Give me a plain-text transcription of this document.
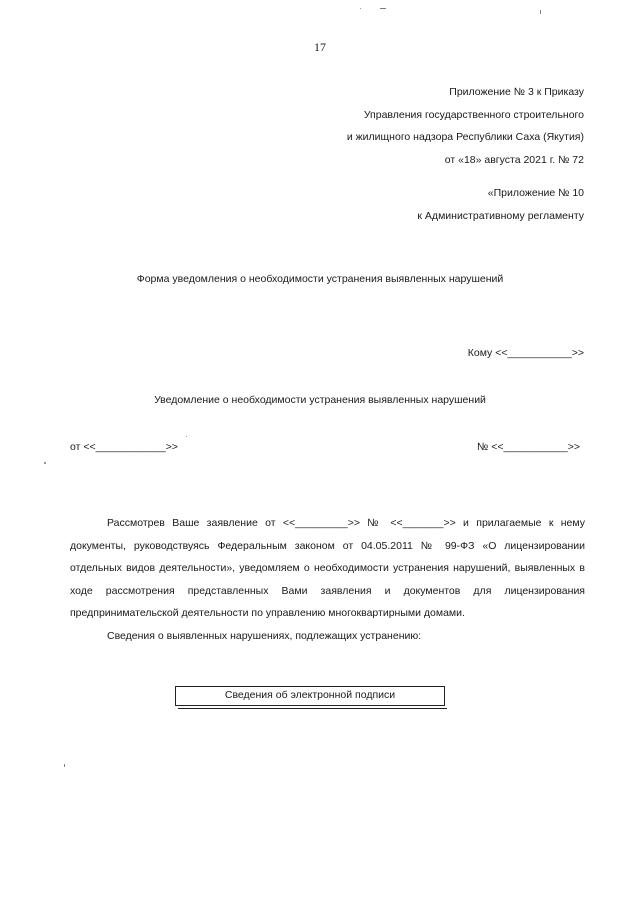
17
Приложение № 3 к Приказу
Управления государственного строительного
и жилищного надзора Республики Саха (Якутия)
от «18» августа 2021 г. № 72
«Приложение № 10
к Административному регламенту
Форма уведомления о необходимости устранения выявленных нарушений
Кому <<___________>>
Уведомление о необходимости устранения выявленных нарушений
от <<____________>>	№ <<___________>>

Рассмотрев Ваше заявление от <<_________>> № <<_______>> и прилагаемые к нему документы, руководствуясь Федеральным законом от 04.05.2011 № 99-ФЗ «О лицензировании отдельных видов деятельности», уведомляем о необходимости устранения нарушений, выявленных в ходе рассмотрения представленных Вами заявления и документов для лицензирования предпринимательской деятельности по управлению многоквартирными домами.

Сведения о выявленных нарушениях, подлежащих устранению:

Сведения об электронной подписи
